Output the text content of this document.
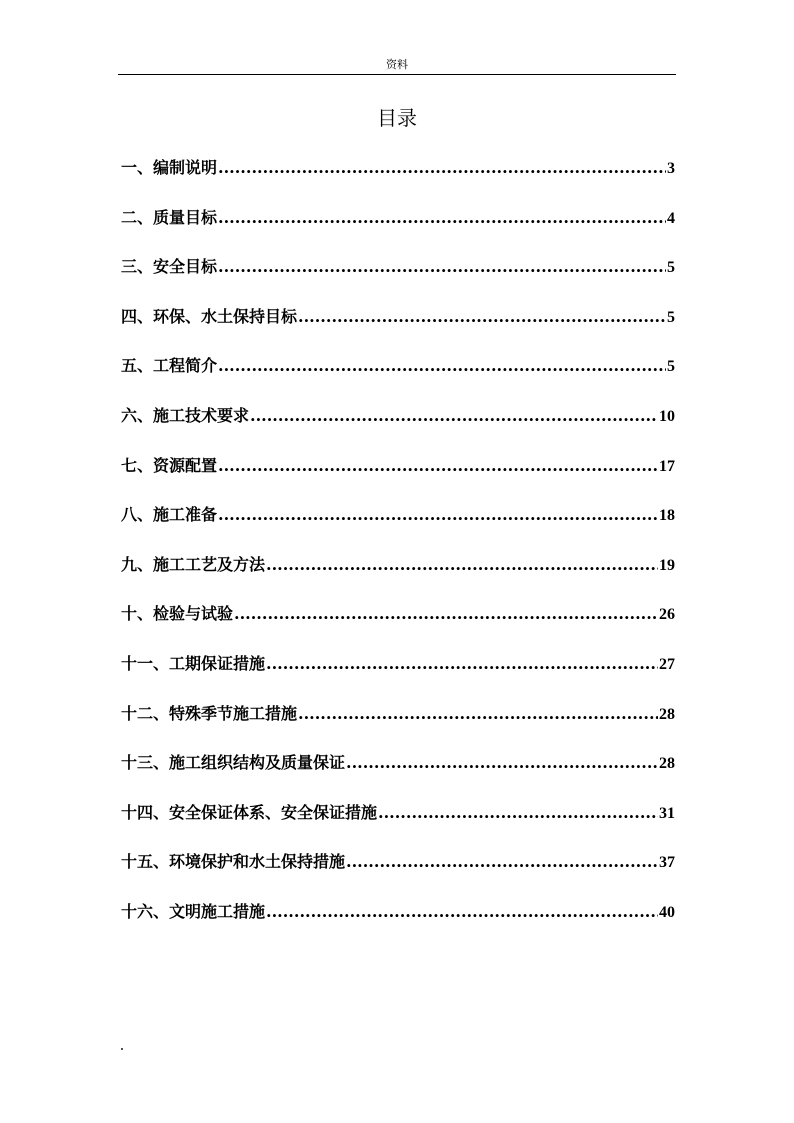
资料
目录
一、编制说明 .....	3
二、质量目标 .....	4
三、安全目标 .....	5
四、环保、水土保持目标 .....	5
五、工程简介 .....	5
六、施工技术要求 .....	10
七、资源配置 .....	17
八、施工准备 .....	18
九、施工工艺及方法 .....	19
十、检验与试验 .....	26
十一、工期保证措施 .....	27
十二、特殊季节施工措施 .....	28
十三、施工组织结构及质量保证 .....	28
十四、安全保证体系、安全保证措施 .....	31
十五、环境保护和水土保持措施 .....	37
十六、文明施工措施 .....	40
